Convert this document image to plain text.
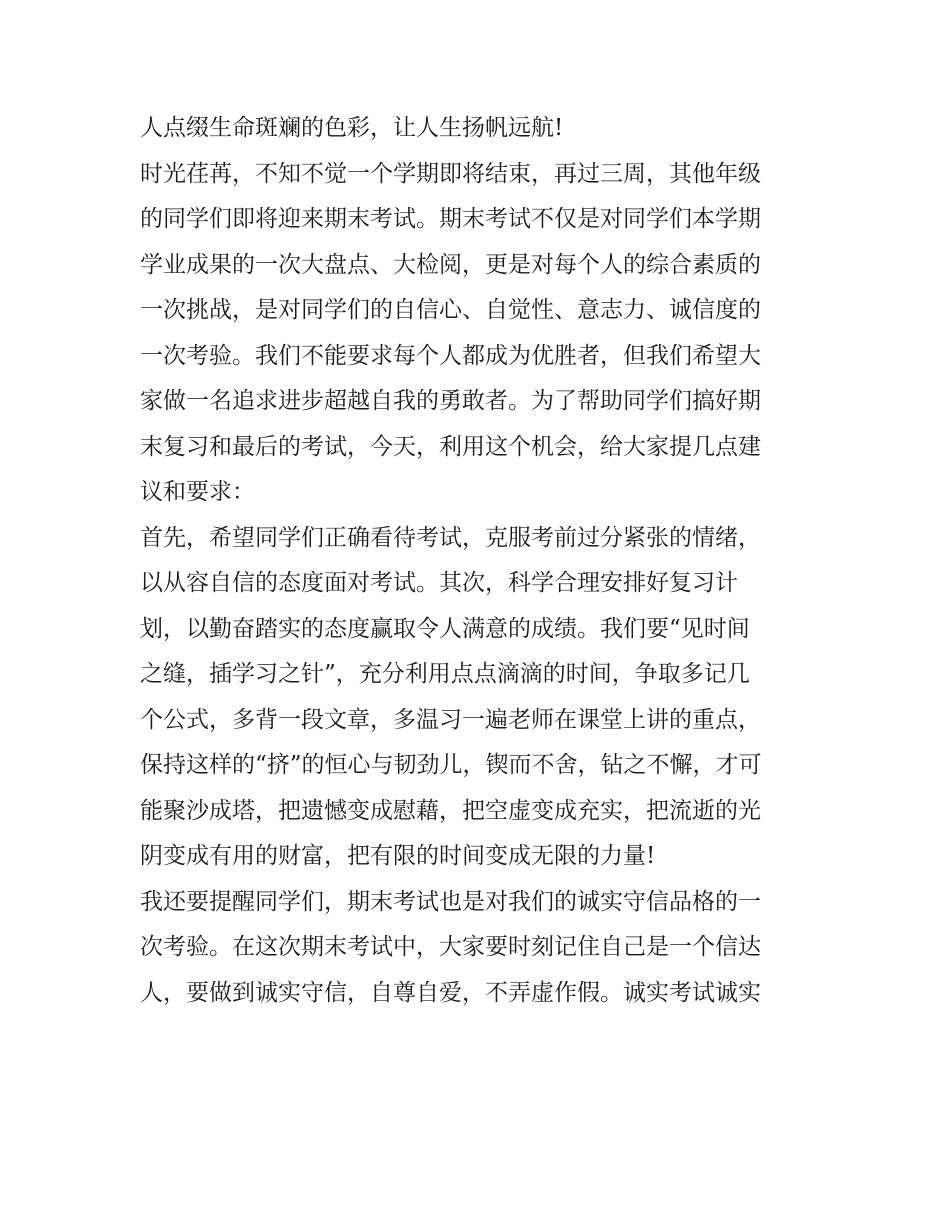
人点缀生命斑斓的色彩，让人生扬帆远航!
时光荏苒，不知不觉一个学期即将结束，再过三周，其他年级
的同学们即将迎来期末考试。期末考试不仅是对同学们本学期
学业成果的一次大盘点、大检阅，更是对每个人的综合素质的
一次挑战，是对同学们的自信心、自觉性、意志力、诚信度的
一次考验。我们不能要求每个人都成为优胜者，但我们希望大
家做一名追求进步超越自我的勇敢者。为了帮助同学们搞好期
末复习和最后的考试，今天，利用这个机会，给大家提几点建
议和要求：
首先，希望同学们正确看待考试，克服考前过分紧张的情绪，
以从容自信的态度面对考试。其次，科学合理安排好复习计
划，以勤奋踏实的态度赢取令人满意的成绩。我们要“见时间
之缝，插学习之针”，充分利用点点滴滴的时间，争取多记几
个公式，多背一段文章，多温习一遍老师在课堂上讲的重点，
保持这样的“挤”的恒心与韧劲儿，锲而不舍，钻之不懈，才可
能聚沙成塔，把遗憾变成慰藉，把空虚变成充实，把流逝的光
阴变成有用的财富，把有限的时间变成无限的力量!
我还要提醒同学们，期末考试也是对我们的诚实守信品格的一
次考验。在这次期末考试中，大家要时刻记住自己是一个信达
人，要做到诚实守信，自尊自爱，不弄虚作假。诚实考试诚实
